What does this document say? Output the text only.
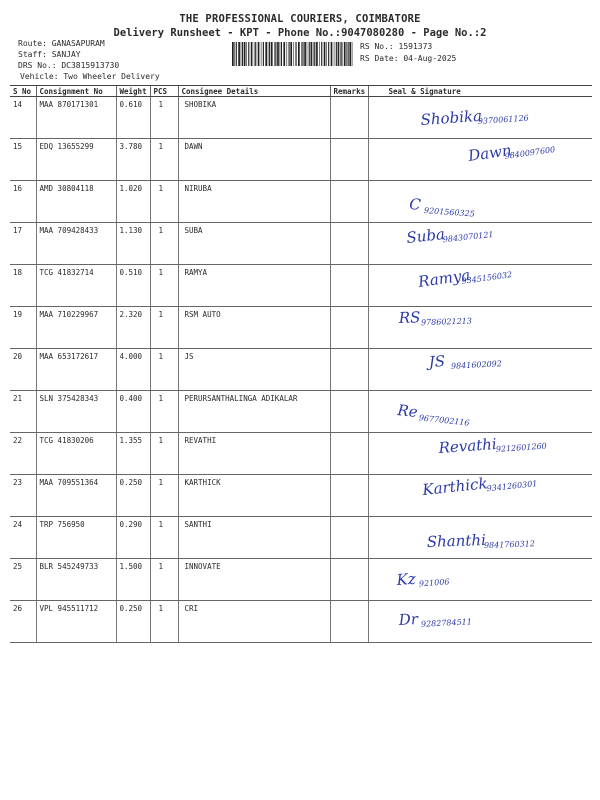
THE PROFESSIONAL COURIERS, COIMBATORE
Delivery Runsheet - KPT - Phone No.:9047080280 - Page No.:2
Route: GANASAPURAM
Staff: SANJAY
DRS No.: DC3815913730
Vehicle: Two Wheeler Delivery
RS No.: 1591373
RS Date: 04-Aug-2025
S No	Consignment No	Weight	PCS	Consignee Details	Remarks	Seal & Signature
14	MAA 870171301	0.610	1	SHOBIKA		Shobika
9370061126

15	EDQ 13655299	3.780	1	DAWN		Dawn
9840097600

16	AMD 30804118	1.020	1	NIRUBA		C 9201560325

17	MAA 709428433	1.130	1	SUBA		Suba
9843070121

18	TCG 41832714	0.510	1	RAMYA		Ramya
9345156032

19	MAA 710229967	2.320	1	RSM AUTO		RS 9786021213

20	MAA 653172617	4.000	1	JS		JS 9841602092

21	SLN 375428343	0.400	1	PERURSANTHALINGA ADIKALAR		Re 9677002116

22	TCG 41830206	1.355	1	REVATHI		Revathi
9212601260

23	MAA 709551364	0.250	1	KARTHICK		Karthick
9341260301

24	TRP 756950	0.290	1	SANTHI		Shanthi
9841760312

25	BLR 545249733	1.500	1	INNOVATE		Kz 921006

26	VPL 945511712	0.250	1	CRI		Dr 9282784511
